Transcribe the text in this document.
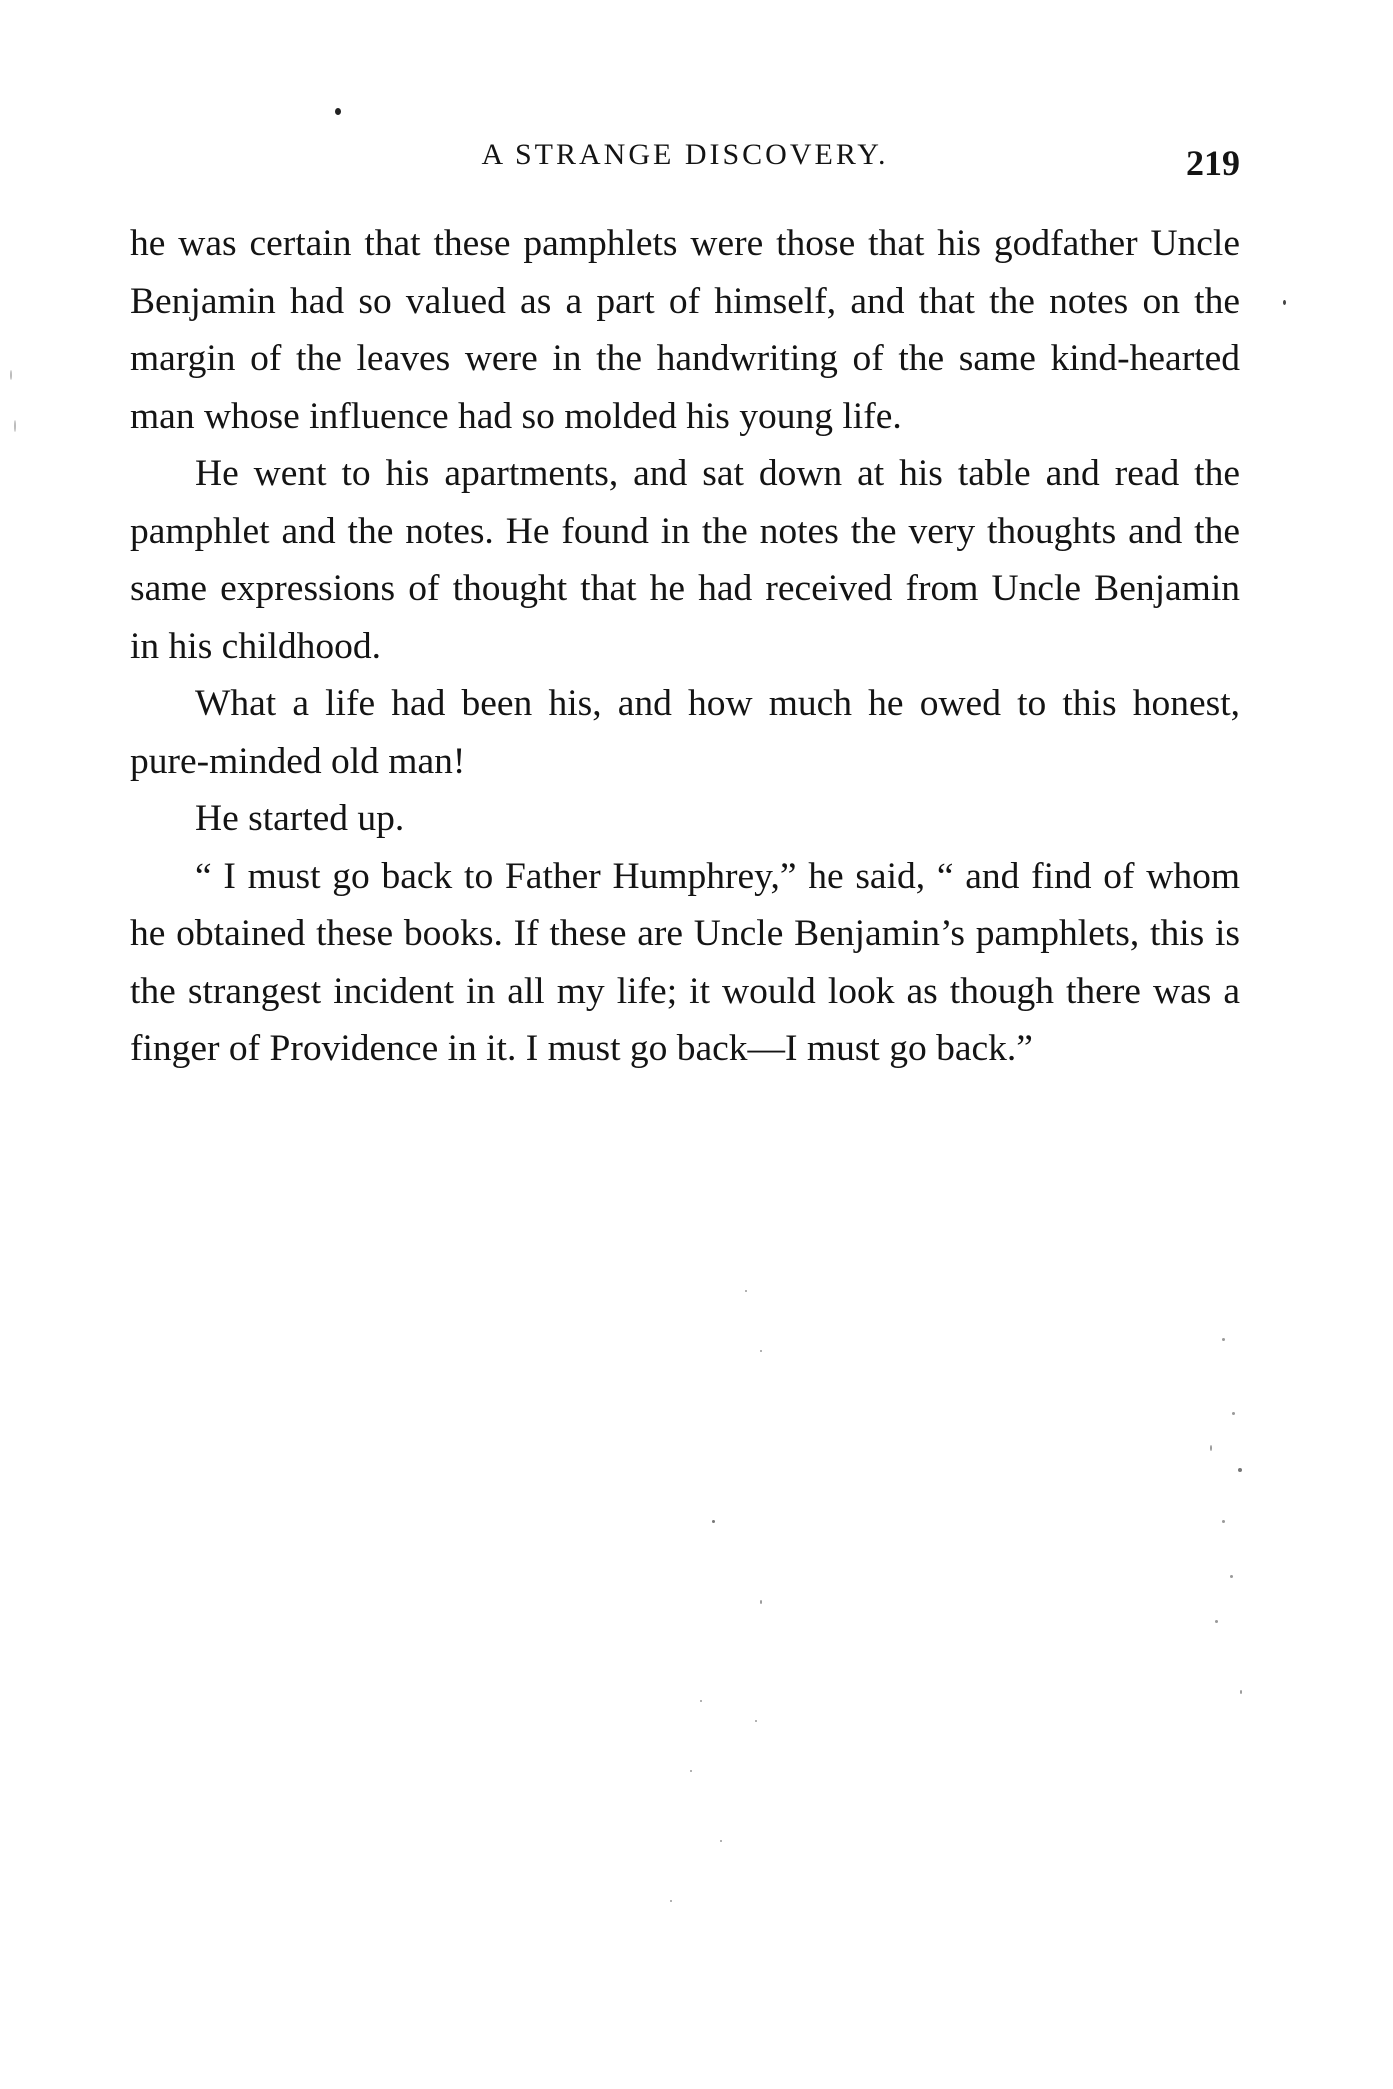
A STRANGE DISCOVERY.	219

he was certain that these pamphlets were those that his godfather Uncle Benjamin had so valued as a part of himself, and that the notes on the margin of the leaves were in the handwriting of the same kind-hearted man whose influence had so molded his young life.

He went to his apartments, and sat down at his table and read the pamphlet and the notes. He found in the notes the very thoughts and the same expressions of thought that he had received from Uncle Benjamin in his childhood.

What a life had been his, and how much he owed to this honest, pure-minded old man!

He started up.

“ I must go back to Father Humphrey,” he said, “ and find of whom he obtained these books. If these are Uncle Benjamin’s pamphlets, this is the strangest incident in all my life; it would look as though there was a finger of Providence in it. I must go back—I must go back.”
